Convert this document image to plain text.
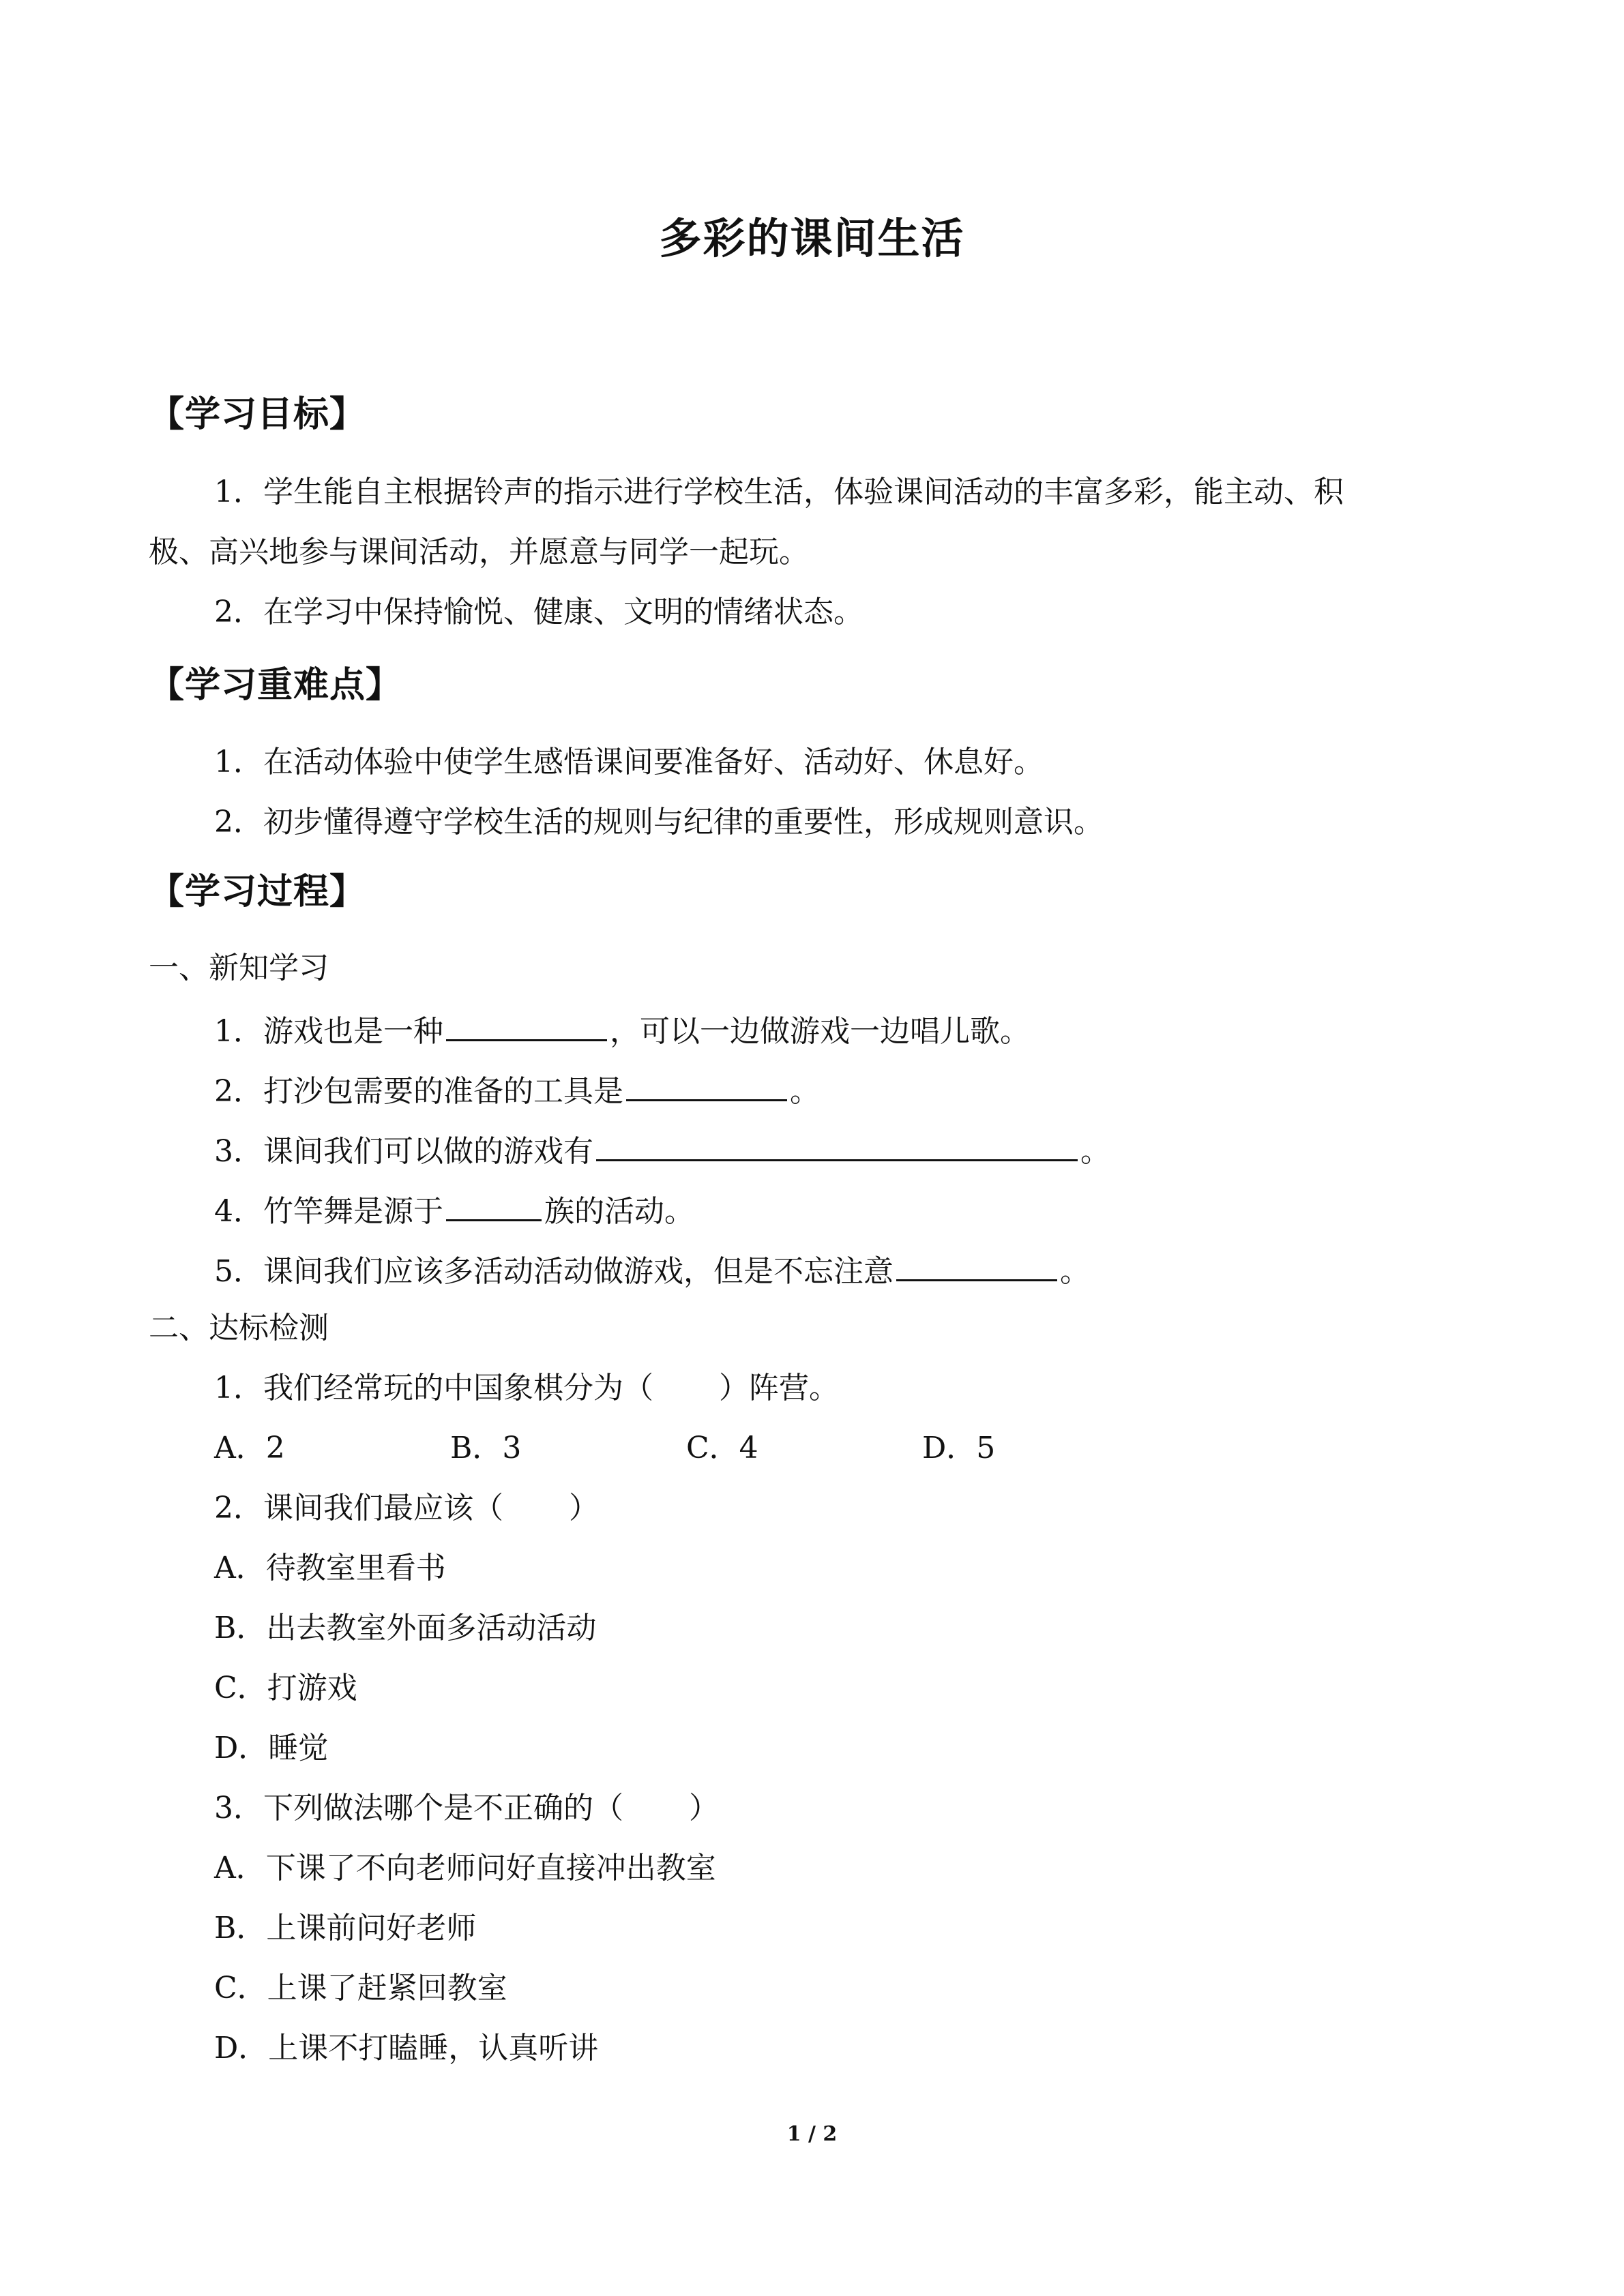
多彩的课间生活
【学习目标】
1．学生能自主根据铃声的指示进行学校生活，体验课间活动的丰富多彩，能主动、积
极、高兴地参与课间活动，并愿意与同学一起玩。
2．在学习中保持愉悦、健康、文明的情绪状态。
【学习重难点】
1．在活动体验中使学生感悟课间要准备好、活动好、休息好。
2．初步懂得遵守学校生活的规则与纪律的重要性，形成规则意识。
【学习过程】
一、新知学习
1．游戏也是一种	，可以一边做游戏一边唱儿歌。
2．打沙包需要的准备的工具是	。
3．课间我们可以做的游戏有	。
4．竹竿舞是源于	族的活动。
5．课间我们应该多活动活动做游戏，但是不忘注意	。
二、达标检测
1．我们经常玩的中国象棋分为（ ）阵营。
A．2	B．3	C．4	D．5
2．课间我们最应该（ ）
A．待教室里看书
B．出去教室外面多活动活动
C．打游戏
D．睡觉
3．下列做法哪个是不正确的（ ）
A．下课了不向老师问好直接冲出教室
B．上课前问好老师
C．上课了赶紧回教室
D．上课不打瞌睡，认真听讲
1 / 2
